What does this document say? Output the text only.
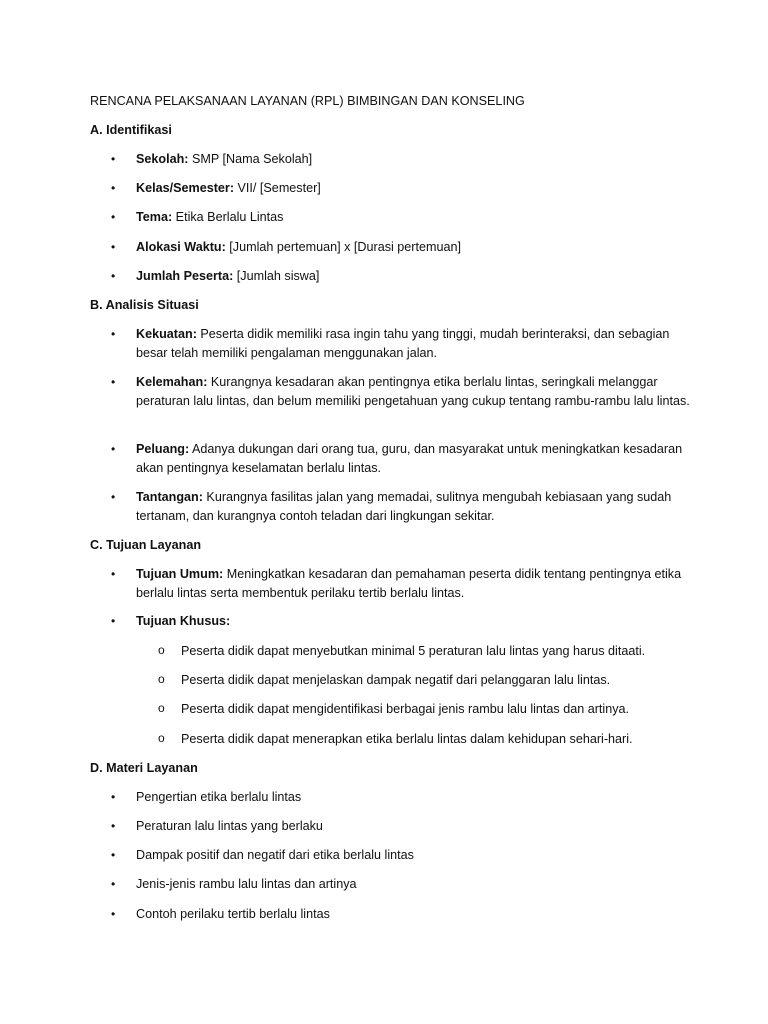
RENCANA PELAKSANAAN LAYANAN (RPL) BIMBINGAN DAN KONSELING
A. Identifikasi
• Sekolah: SMP [Nama Sekolah]
• Kelas/Semester: VII/ [Semester]
• Tema: Etika Berlalu Lintas
• Alokasi Waktu: [Jumlah pertemuan] x [Durasi pertemuan]
• Jumlah Peserta: [Jumlah siswa]
B. Analisis Situasi
• Kekuatan: Peserta didik memiliki rasa ingin tahu yang tinggi, mudah berinteraksi, dan sebagian besar telah memiliki pengalaman menggunakan jalan.
• Kelemahan: Kurangnya kesadaran akan pentingnya etika berlalu lintas, seringkali melanggar peraturan lalu lintas, dan belum memiliki pengetahuan yang cukup tentang rambu-rambu lalu lintas.
• Peluang: Adanya dukungan dari orang tua, guru, dan masyarakat untuk meningkatkan kesadaran akan pentingnya keselamatan berlalu lintas.
• Tantangan: Kurangnya fasilitas jalan yang memadai, sulitnya mengubah kebiasaan yang sudah tertanam, dan kurangnya contoh teladan dari lingkungan sekitar.
C. Tujuan Layanan
• Tujuan Umum: Meningkatkan kesadaran dan pemahaman peserta didik tentang pentingnya etika berlalu lintas serta membentuk perilaku tertib berlalu lintas.
• Tujuan Khusus:
o Peserta didik dapat menyebutkan minimal 5 peraturan lalu lintas yang harus ditaati.
o Peserta didik dapat menjelaskan dampak negatif dari pelanggaran lalu lintas.
o Peserta didik dapat mengidentifikasi berbagai jenis rambu lalu lintas dan artinya.
o Peserta didik dapat menerapkan etika berlalu lintas dalam kehidupan sehari-hari.
D. Materi Layanan
• Pengertian etika berlalu lintas
• Peraturan lalu lintas yang berlaku
• Dampak positif dan negatif dari etika berlalu lintas
• Jenis-jenis rambu lalu lintas dan artinya
• Contoh perilaku tertib berlalu lintas
